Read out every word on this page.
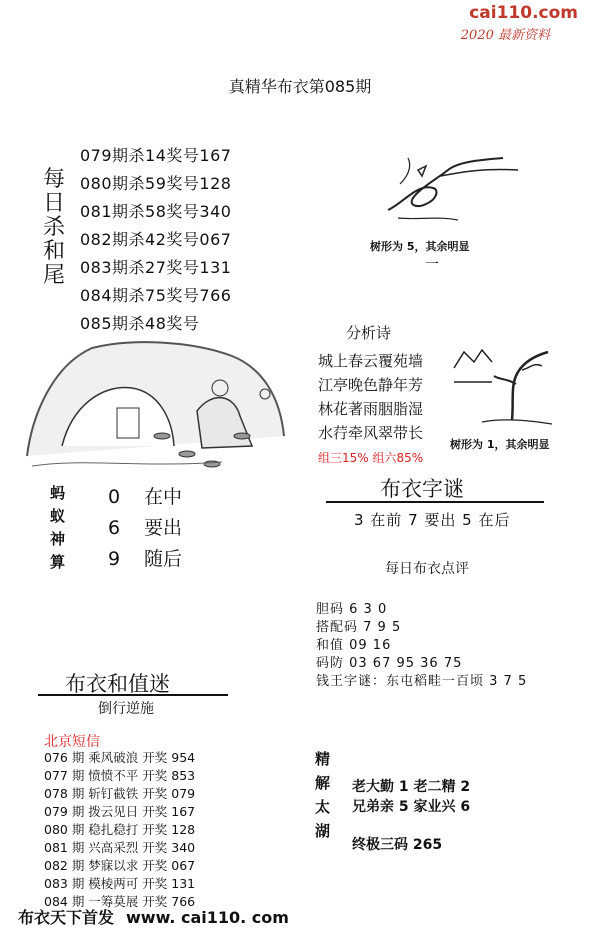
cai110.com
2020 最新资料
真精华布衣第085期
每
日
杀
和
尾
079期杀14奖号167
080期杀59奖号128
081期杀58奖号340
082期杀42奖号067
083期杀27奖号131
084期杀75奖号766
085期杀48奖号
树形为 5，其余明显
一
分析诗
城上春云覆苑墙
江亭晚色静年芳
林花著雨胭脂湿
水荇牵风翠带长
组三15% 组六85%
树形为 1，其余明显
蚂
蚁
神
算
0 在中
6 要出
9 随后
布衣字谜
3 在前 7 要出 5 在后
每日布衣点评
胆码 6 3 0
搭配码 7 9 5
和值 09 16
码防 03 67 95 36 75
钱王字谜：东屯稻畦一百顷 3 7 5
布衣和值迷
倒行逆施
北京短信
076 期 乘风破浪 开奖 954
077 期 愤愤不平 开奖 853
078 期 斩钉截铁 开奖 079
079 期 拨云见日 开奖 167
080 期 稳扎稳打 开奖 128
081 期 兴高采烈 开奖 340
082 期 梦寐以求 开奖 067
083 期 模棱两可 开奖 131
084 期 一筹莫展 开奖 766
精
解
太
湖
老大勤 1 老二精 2
兄弟亲 5 家业兴 6
终极三码 265
布衣天下首发 www. cai110. com
